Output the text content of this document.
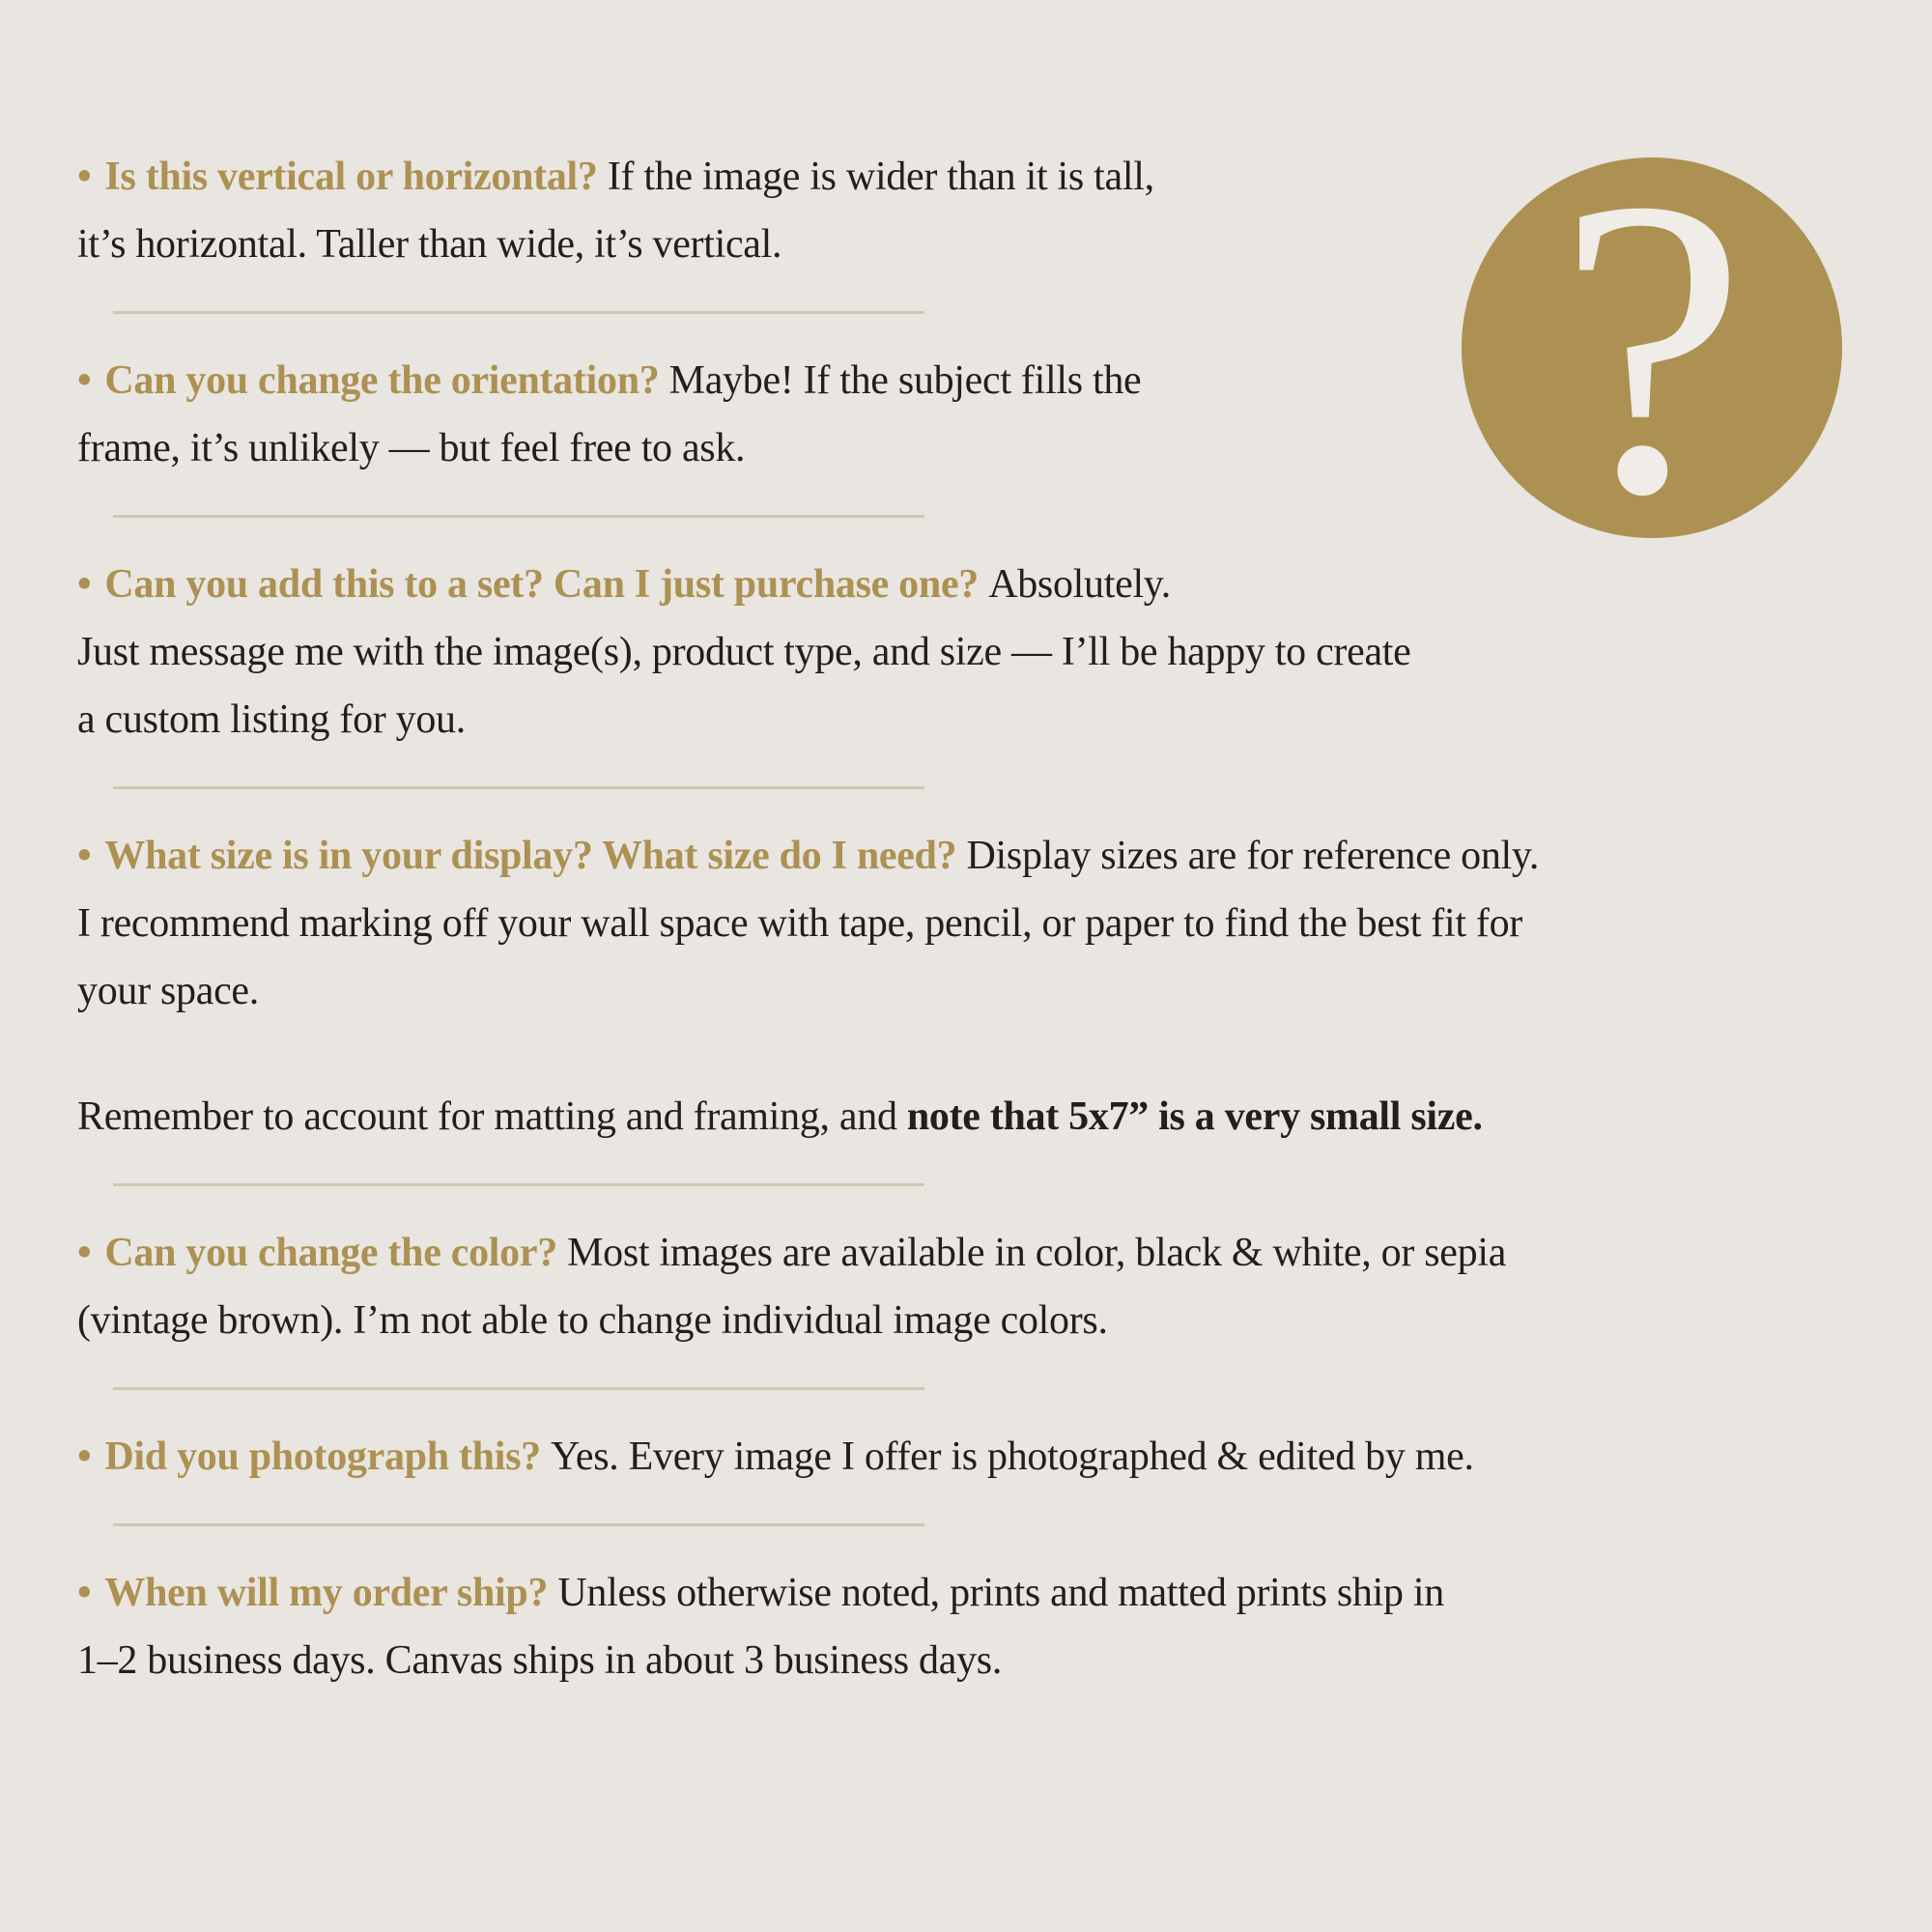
• Is this vertical or horizontal? If the image is wider than it is tall,
it’s horizontal. Taller than wide, it’s vertical.

• Can you change the orientation? Maybe! If the subject fills the
frame, it’s unlikely — but feel free to ask.

• Can you add this to a set? Can I just purchase one? Absolutely.
Just message me with the image(s), product type, and size — I’ll be happy to create
a custom listing for you.

• What size is in your display? What size do I need? Display sizes are for reference only.
I recommend marking off your wall space with tape, pencil, or paper to find the best fit for
your space.

Remember to account for matting and framing, and note that 5x7” is a very small size.

• Can you change the color? Most images are available in color, black & white, or sepia
(vintage brown). I’m not able to change individual image colors.

• Did you photograph this? Yes. Every image I offer is photographed & edited by me.

• When will my order ship? Unless otherwise noted, prints and matted prints ship in
1–2 business days. Canvas ships in about 3 business days.

?
